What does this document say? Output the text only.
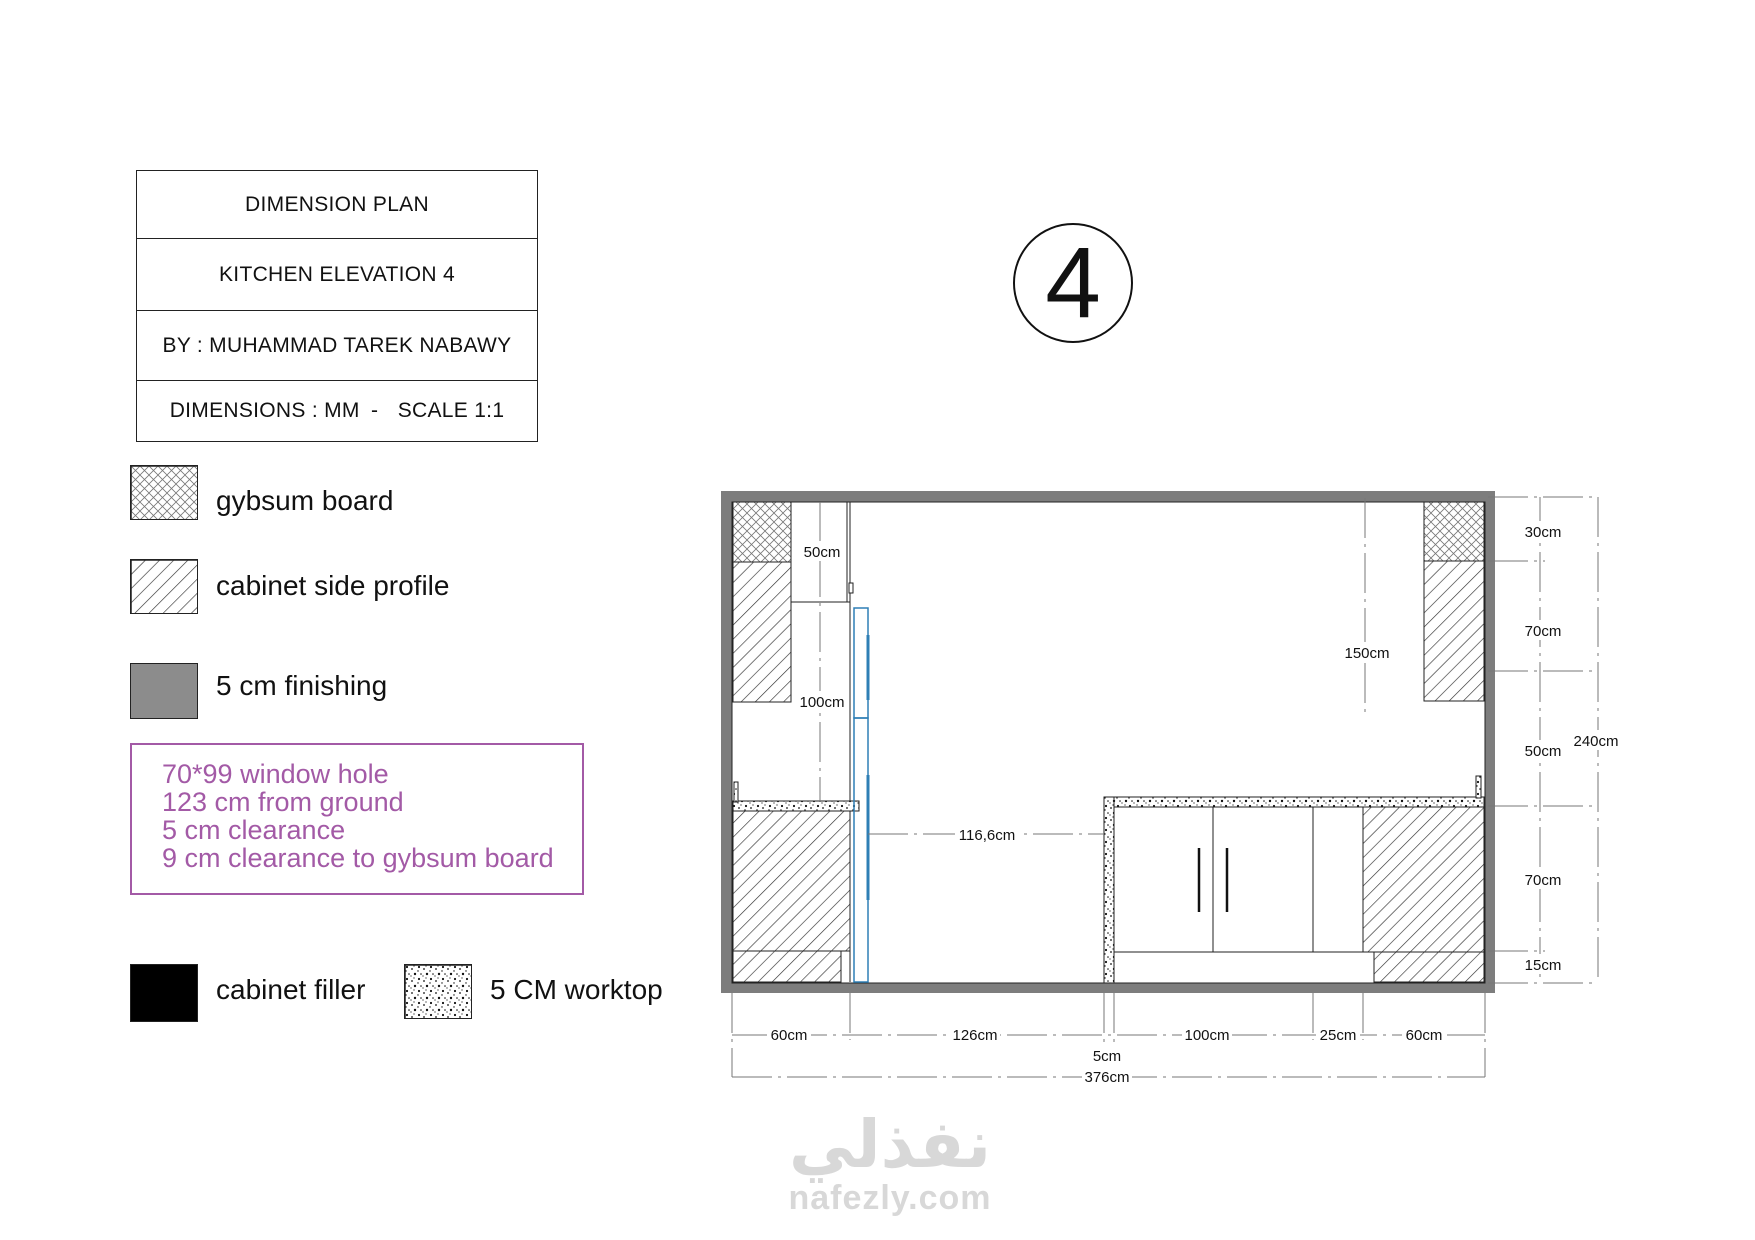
DIMENSION PLAN
KITCHEN ELEVATION 4
BY : MUHAMMAD TAREK NABAWY
DIMENSIONS : MM - SCALE 1:1
gybsum board
cabinet side profile
5 cm finishing
70*99 window hole
123 cm from ground
5 cm clearance
9 cm clearance to gybsum board
cabinet filler	5 CM worktop
4
50cm
100cm
150cm
116,6cm
30cm
70cm
50cm
240cm
70cm
15cm
60cm	126cm
5cm
100cm	25cm	60cm
376cm
نفذلي
nafezly.com
